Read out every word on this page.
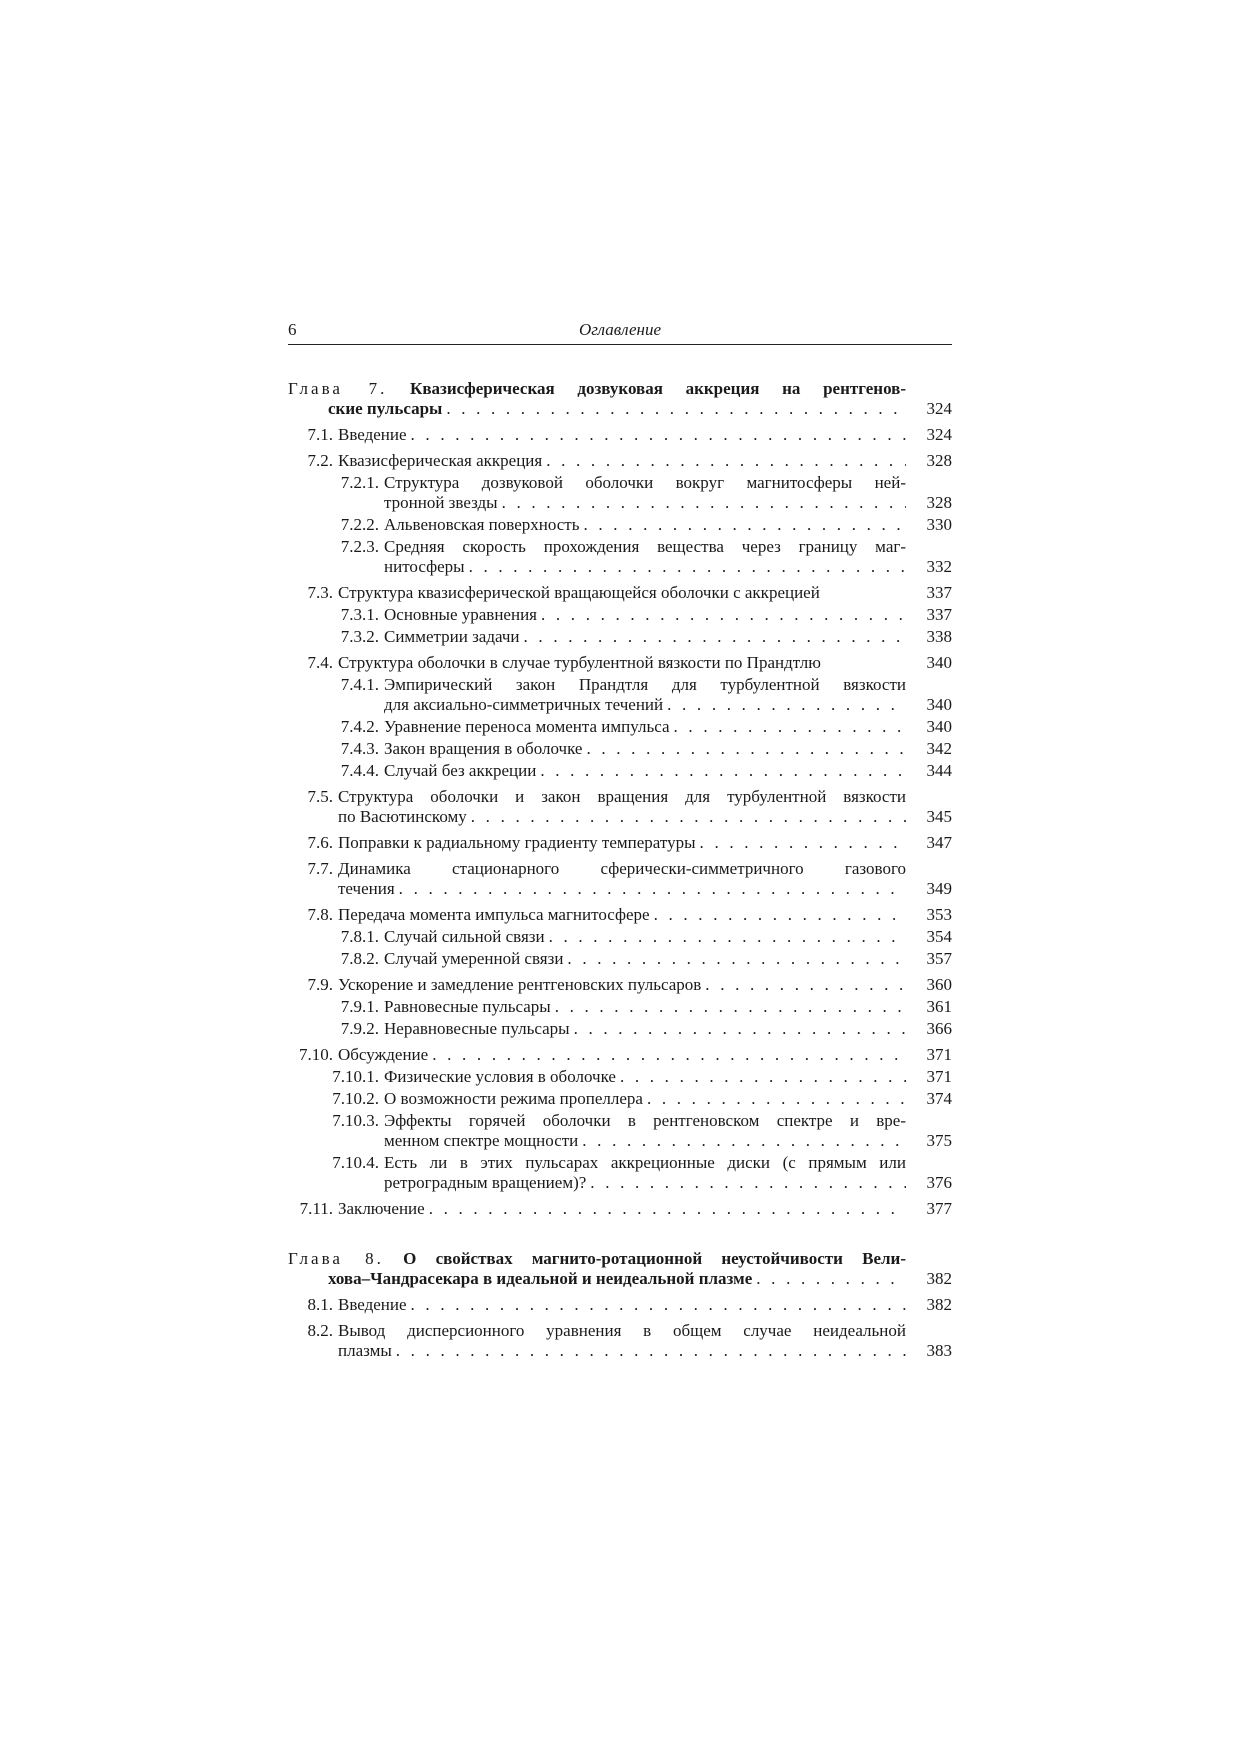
6	Оглавление
Глава 7. Квазисферическая дозвуковая аккреция на рентгенов-
ские пульсары . . .	324
7.1. Введение . . .	324
7.2. Квазисферическая аккреция . . .	328
7.2.1. Структура дозвуковой оболочки вокруг магнитосферы ней-
тронной звезды . . .	328
7.2.2. Альвеновская поверхность . . .	330
7.2.3. Средняя скорость прохождения вещества через границу маг-
нитосферы . . .	332
7.3. Структура квазисферической вращающейся оболочки с аккрецией	337
7.3.1. Основные уравнения . . .	337
7.3.2. Симметрии задачи . . .	338
7.4. Структура оболочки в случае турбулентной вязкости по Прандтлю	340
7.4.1. Эмпирический закон Прандтля для турбулентной вязкости
для аксиально-симметричных течений . . .	340
7.4.2. Уравнение переноса момента импульса . . .	340
7.4.3. Закон вращения в оболочке . . .	342
7.4.4. Случай без аккреции . . .	344
7.5. Структура оболочки и закон вращения для турбулентной вязкости
по Васютинскому . . .	345
7.6. Поправки к радиальному градиенту температуры . . .	347
7.7. Динамика стационарного сферически-симметричного газового
течения . . .	349
7.8. Передача момента импульса магнитосфере . . .	353
7.8.1. Случай сильной связи . . .	354
7.8.2. Случай умеренной связи . . .	357
7.9. Ускорение и замедление рентгеновских пульсаров . . .	360
7.9.1. Равновесные пульсары . . .	361
7.9.2. Неравновесные пульсары . . .	366
7.10. Обсуждение . . .	371
7.10.1. Физические условия в оболочке . . .	371
7.10.2. О возможности режима пропеллера . . .	374
7.10.3. Эффекты горячей оболочки в рентгеновском спектре и вре-
менном спектре мощности . . .	375
7.10.4. Есть ли в этих пульсарах аккреционные диски (с прямым или
ретроградным вращением)? . . .	376
7.11. Заключение . . .	377
Глава 8. О свойствах магнито-ротационной неустойчивости Вели-
хова–Чандрасекара в идеальной и неидеальной плазме . . .	382
8.1. Введение . . .	382
8.2. Вывод дисперсионного уравнения в общем случае неидеальной
плазмы . . .	383
